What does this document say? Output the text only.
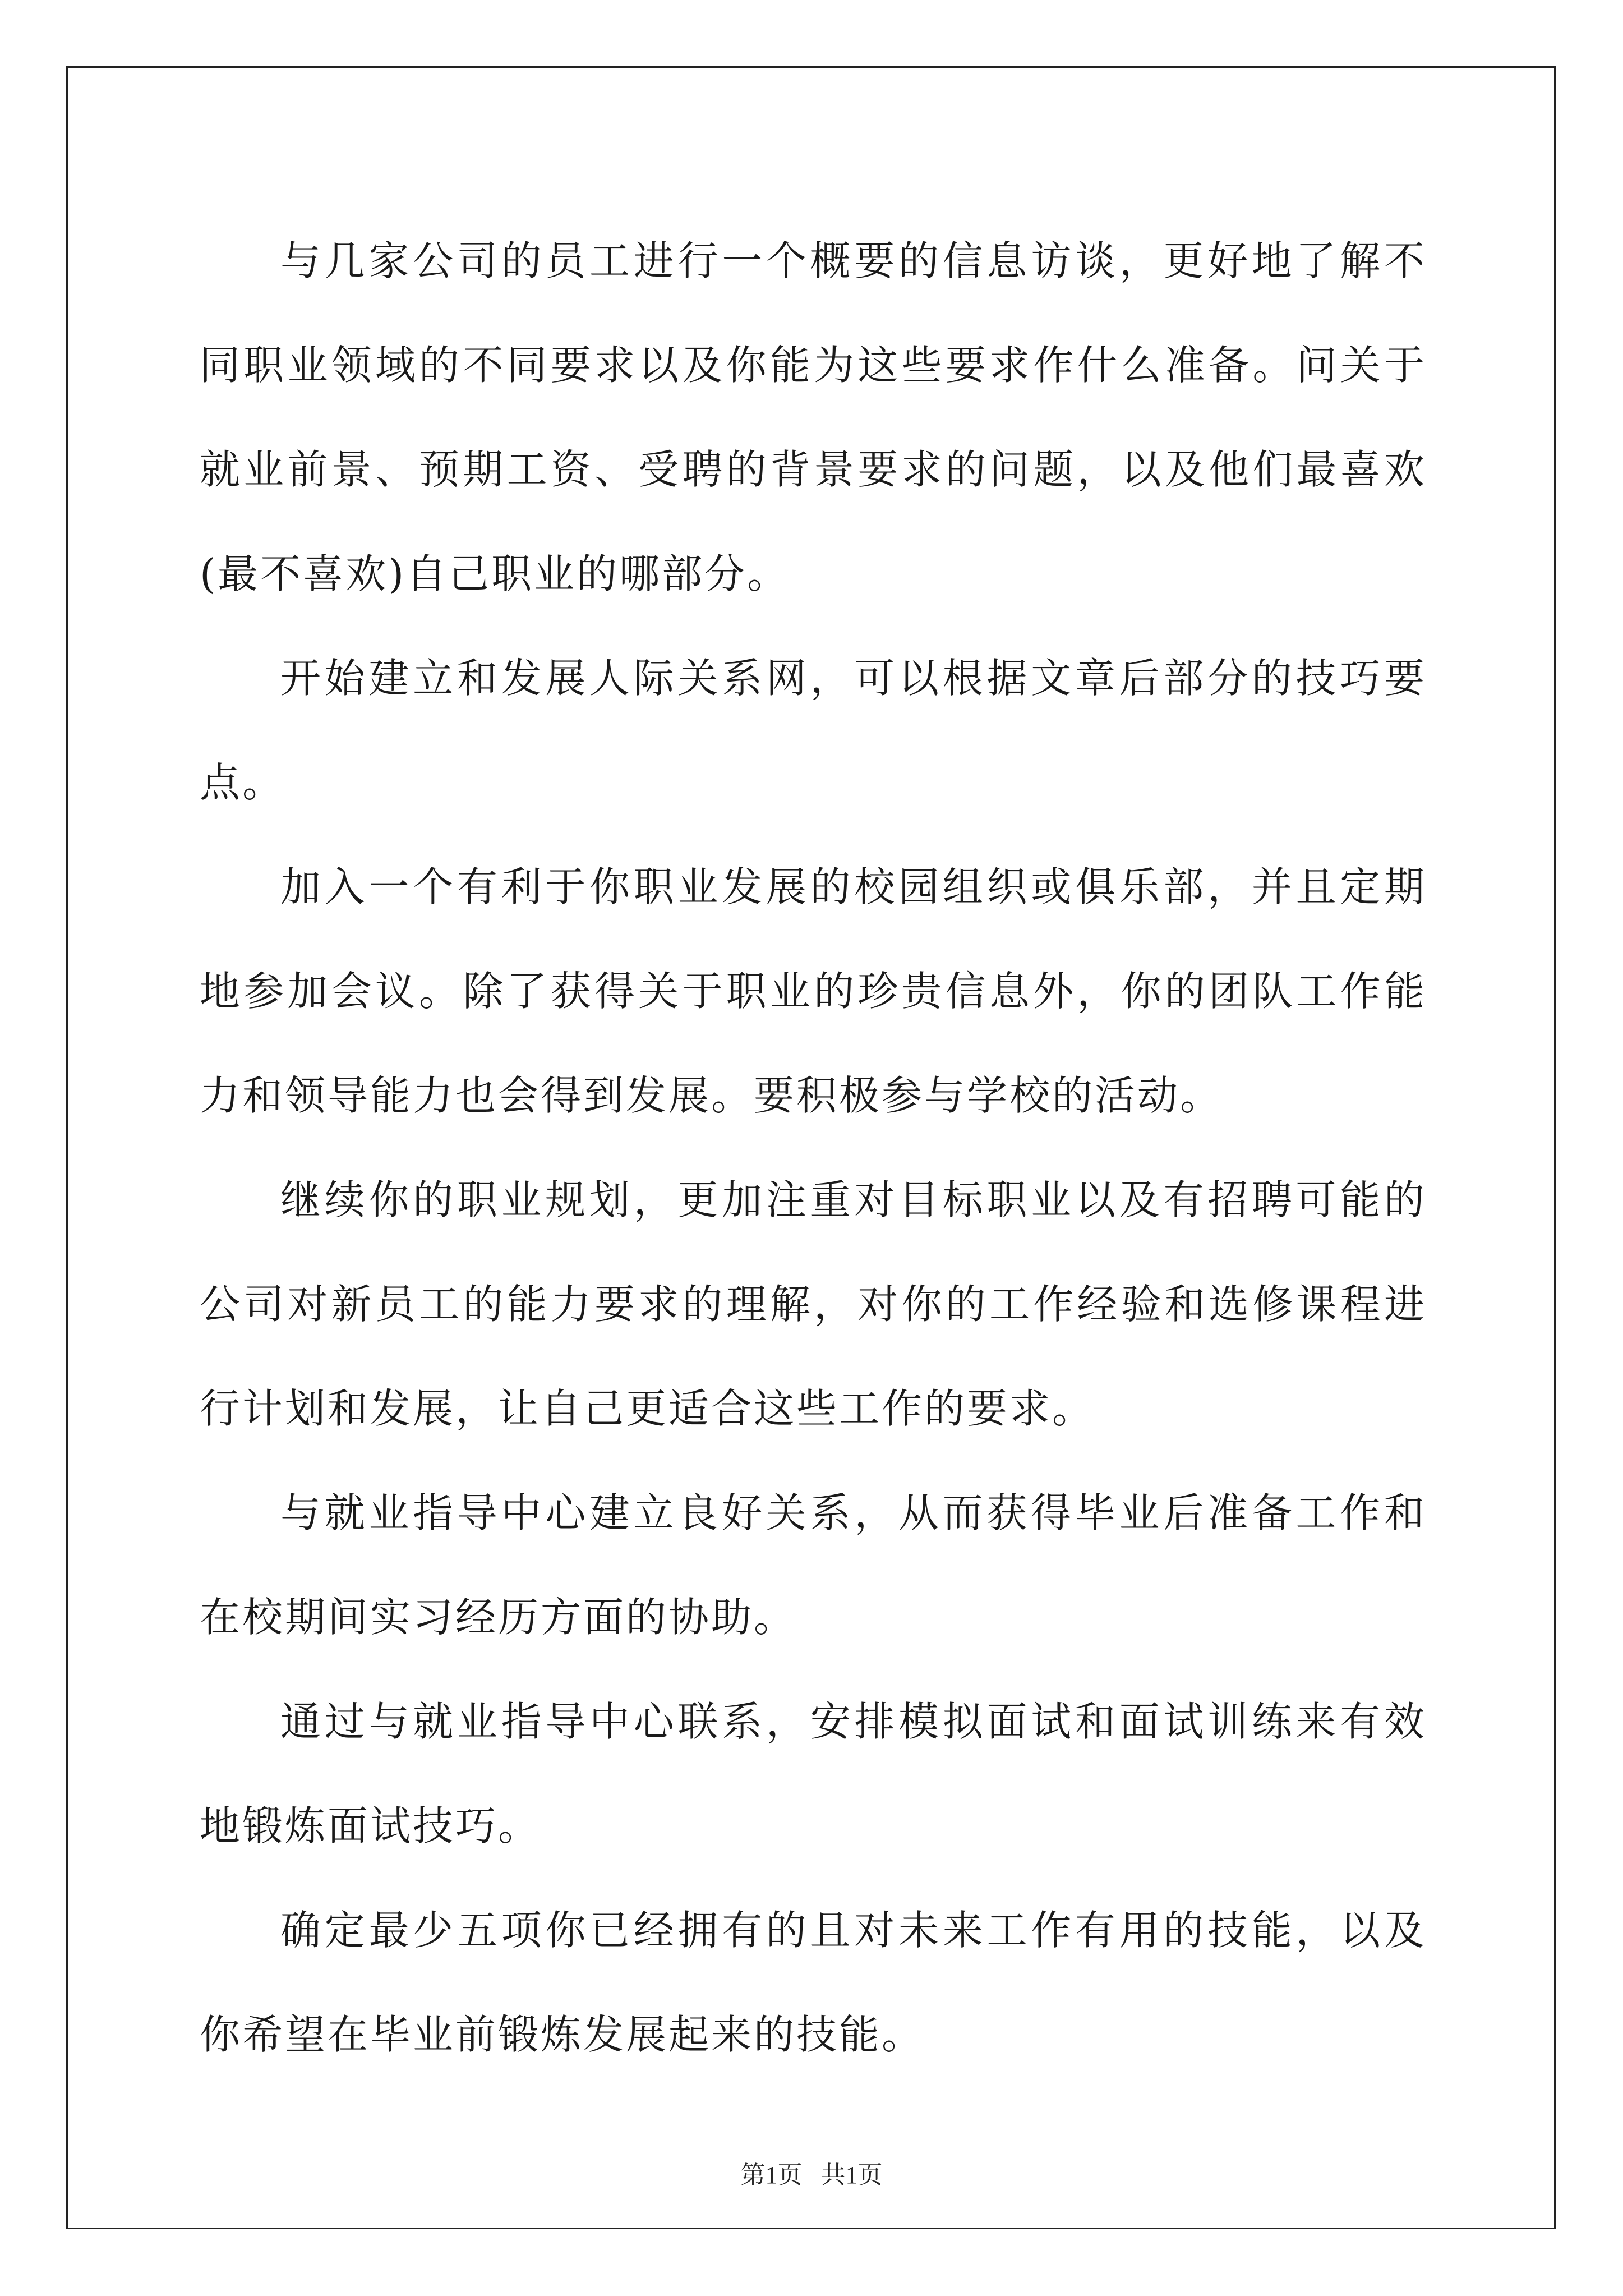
与几家公司的员工进行一个概要的信息访谈，更好地了解不同职业领域的不同要求以及你能为这些要求作什么准备。问关于就业前景、预期工资、受聘的背景要求的问题，以及他们最喜欢(最不喜欢)自己职业的哪部分。

开始建立和发展人际关系网，可以根据文章后部分的技巧要点。

加入一个有利于你职业发展的校园组织或俱乐部，并且定期地参加会议。除了获得关于职业的珍贵信息外，你的团队工作能力和领导能力也会得到发展。要积极参与学校的活动。

继续你的职业规划，更加注重对目标职业以及有招聘可能的公司对新员工的能力要求的理解，对你的工作经验和选修课程进行计划和发展，让自己更适合这些工作的要求。

与就业指导中心建立良好关系，从而获得毕业后准备工作和在校期间实习经历方面的协助。

通过与就业指导中心联系，安排模拟面试和面试训练来有效地锻炼面试技巧。

确定最少五项你已经拥有的且对未来工作有用的技能，以及你希望在毕业前锻炼发展起来的技能。

第1页 共1页
